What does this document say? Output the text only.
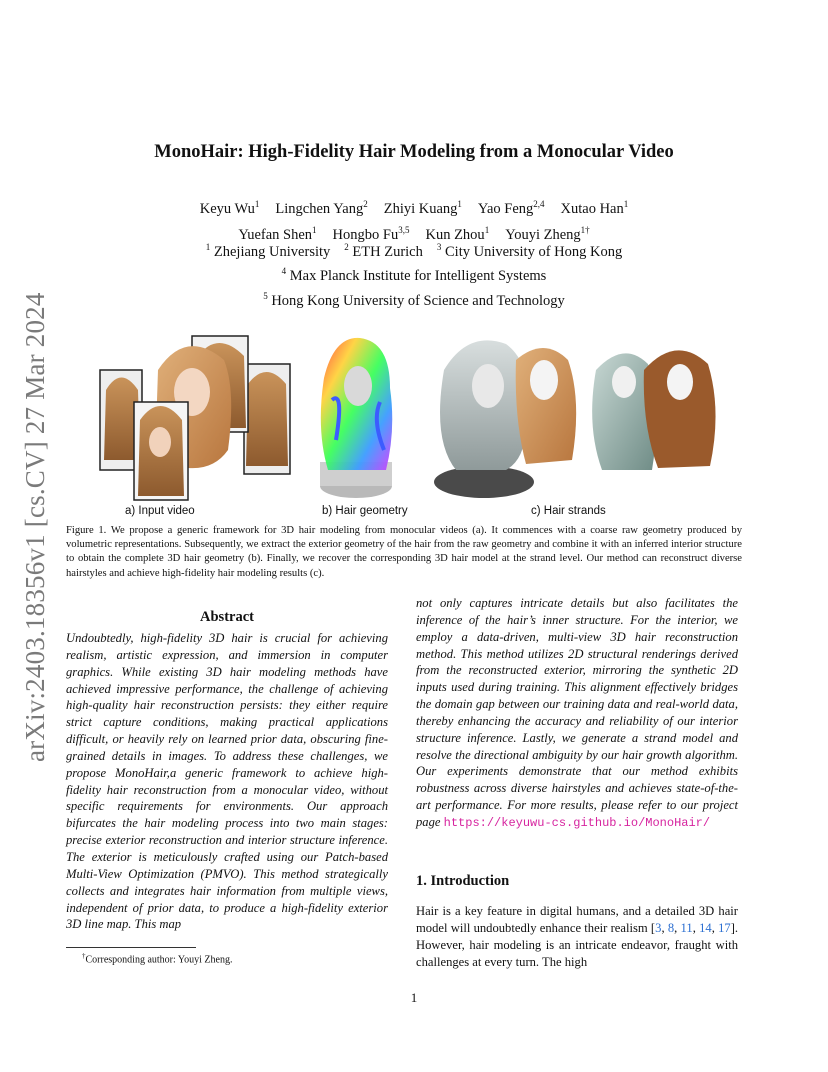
arXiv:2403.18356v1 [cs.CV] 27 Mar 2024
MonoHair: High-Fidelity Hair Modeling from a Monocular Video
Keyu Wu$^1$ Lingchen Yang$^2$ Zhiyi Kuang$^1$ Yao Feng$^{2,4}$ Xutao Han$^1$
Yuefan Shen$^1$ Hongbo Fu$^{3,5}$ Kun Zhou$^1$ Youyi Zheng$^{1\dagger}$
$^1$ Zhejiang University $^2$ ETH Zurich $^3$ City University of Hong Kong
$^4$ Max Planck Institute for Intelligent Systems
$^5$ Hong Kong University of Science and Technology
a) Input video	b) Hair geometry	c) Hair strands
Figure 1. We propose a generic framework for 3D hair modeling from monocular videos (a). It commences with a coarse raw geometry produced by volumetric representations. Subsequently, we extract the exterior geometry of the hair from the raw geometry and combine it with an inferred interior structure to obtain the complete 3D hair geometry (b). Finally, we recover the corresponding 3D hair model at the strand level. Our method can reconstruct diverse hairstyles and achieve high-fidelity hair modeling results (c).
Abstract
Undoubtedly, high-fidelity 3D hair is crucial for achieving realism, artistic expression, and immersion in computer graphics. While existing 3D hair modeling methods have achieved impressive performance, the challenge of achieving high-quality hair reconstruction persists: they either require strict capture conditions, making practical applications difficult, or heavily rely on learned prior data, obscuring fine-grained details in images. To address these challenges, we propose MonoHair,a generic framework to achieve high-fidelity hair reconstruction from a monocular video, without specific requirements for environments. Our approach bifurcates the hair modeling process into two main stages: precise exterior reconstruction and interior structure inference. The exterior is meticulously crafted using our Patch-based Multi-View Optimization (PMVO). This method strategically collects and integrates hair information from multiple views, independent of prior data, to produce a high-fidelity exterior 3D line map. This map
not only captures intricate details but also facilitates the inference of the hair’s inner structure. For the interior, we employ a data-driven, multi-view 3D hair reconstruction method. This method utilizes 2D structural renderings derived from the reconstructed exterior, mirroring the synthetic 2D inputs used during training. This alignment effectively bridges the domain gap between our training data and real-world data, thereby enhancing the accuracy and reliability of our interior structure inference. Lastly, we generate a strand model and resolve the directional ambiguity by our hair growth algorithm. Our experiments demonstrate that our method exhibits robustness across diverse hairstyles and achieves state-of-the-art performance. For more results, please refer to our project page https://keyuwu-cs.github.io/MonoHair/
1. Introduction
Hair is a key feature in digital humans, and a detailed 3D hair model will undoubtedly enhance their realism [3, 8, 11, 14, 17]. However, hair modeling is an intricate endeavor, fraught with challenges at every turn. The high
†Corresponding author: Youyi Zheng.
1
